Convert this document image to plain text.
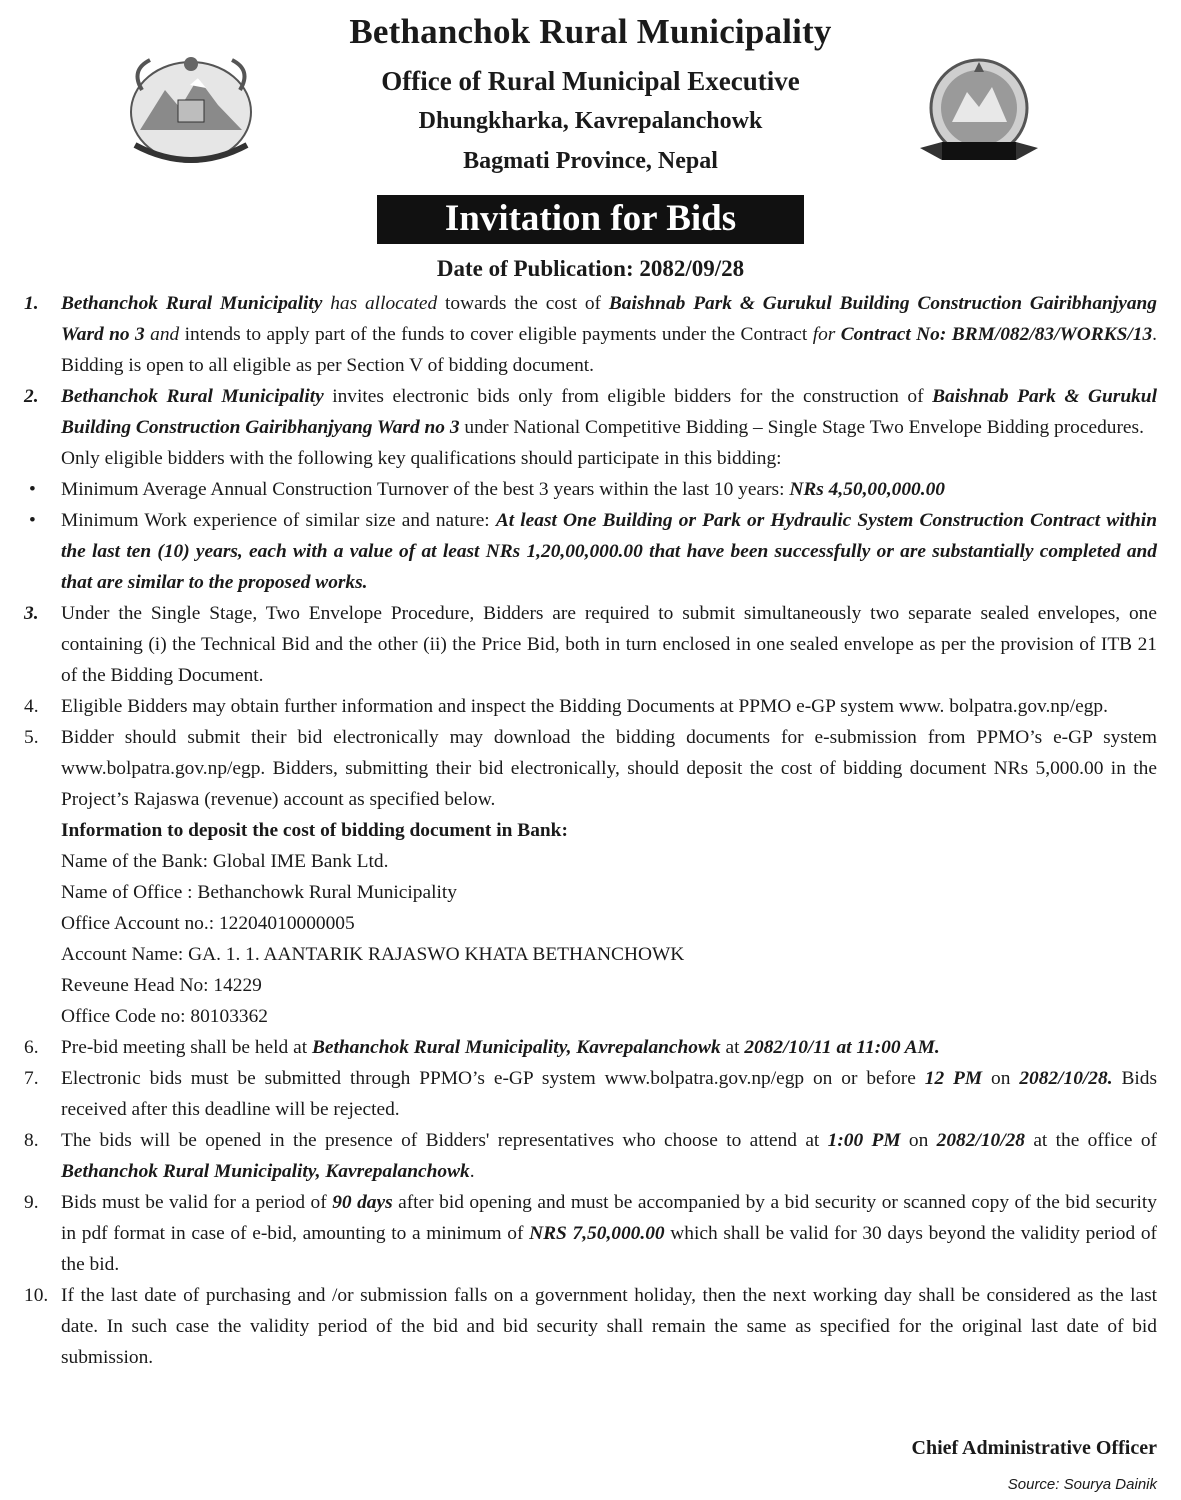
Bethanchok Rural Municipality
Office of Rural Municipal Executive
Dhungkharka, Kavrepalanchowk
Bagmati Province, Nepal
Invitation for Bids
Date of Publication: 2082/09/28
1.	Bethanchok Rural Municipality has allocated towards the cost of Baishnab Park & Gurukul Building Construction Gairibhanjyang Ward no 3 and intends to apply part of the funds to cover eligible payments under the Contract for Contract No: BRM/082/83/WORKS/13. Bidding is open to all eligible as per Section V of bidding document.
2.	Bethanchok Rural Municipality invites electronic bids only from eligible bidders for the construction of Baishnab Park & Gurukul Building Construction Gairibhanjyang Ward no 3 under National Competitive Bidding – Single Stage Two Envelope Bidding procedures.
Only eligible bidders with the following key qualifications should participate in this bidding:
• Minimum Average Annual Construction Turnover of the best 3 years within the last 10 years: NRs 4,50,00,000.00
• Minimum Work experience of similar size and nature: At least One Building or Park or Hydraulic System Construction Contract within the last ten (10) years, each with a value of at least NRs 1,20,00,000.00 that have been successfully or are substantially completed and that are similar to the proposed works.
3.	Under the Single Stage, Two Envelope Procedure, Bidders are required to submit simultaneously two separate sealed envelopes, one containing (i) the Technical Bid and the other (ii) the Price Bid, both in turn enclosed in one sealed envelope as per the provision of ITB 21 of the Bidding Document.
4.	Eligible Bidders may obtain further information and inspect the Bidding Documents at PPMO e-GP system www. bolpatra.gov.np/egp.
5.	Bidder should submit their bid electronically may download the bidding documents for e-submission from PPMO’s e-GP system www.bolpatra.gov.np/egp. Bidders, submitting their bid electronically, should deposit the cost of bidding document NRs 5,000.00 in the Project’s Rajaswa (revenue) account as specified below.
Information to deposit the cost of bidding document in Bank:
Name of the Bank: Global IME Bank Ltd.
Name of Office : Bethanchowk Rural Municipality
Office Account no.: 12204010000005
Account Name: GA. 1. 1. AANTARIK RAJASWO KHATA BETHANCHOWK
Reveune Head No: 14229
Office Code no: 80103362
6.	Pre-bid meeting shall be held at Bethanchok Rural Municipality, Kavrepalanchowk at 2082/10/11 at 11:00 AM.
7.	Electronic bids must be submitted through PPMO’s e-GP system www.bolpatra.gov.np/egp on or before 12 PM on 2082/10/28. Bids received after this deadline will be rejected.
8.	The bids will be opened in the presence of Bidders' representatives who choose to attend at 1:00 PM on 2082/10/28 at the office of Bethanchok Rural Municipality, Kavrepalanchowk.
9.	Bids must be valid for a period of 90 days after bid opening and must be accompanied by a bid security or scanned copy of the bid security in pdf format in case of e-bid, amounting to a minimum of NRS 7,50,000.00 which shall be valid for 30 days beyond the validity period of the bid.
10. If the last date of purchasing and /or submission falls on a government holiday, then the next working day shall be considered as the last date. In such case the validity period of the bid and bid security shall remain the same as specified for the original last date of bid submission.
Chief Administrative Officer
Source: Sourya Dainik
